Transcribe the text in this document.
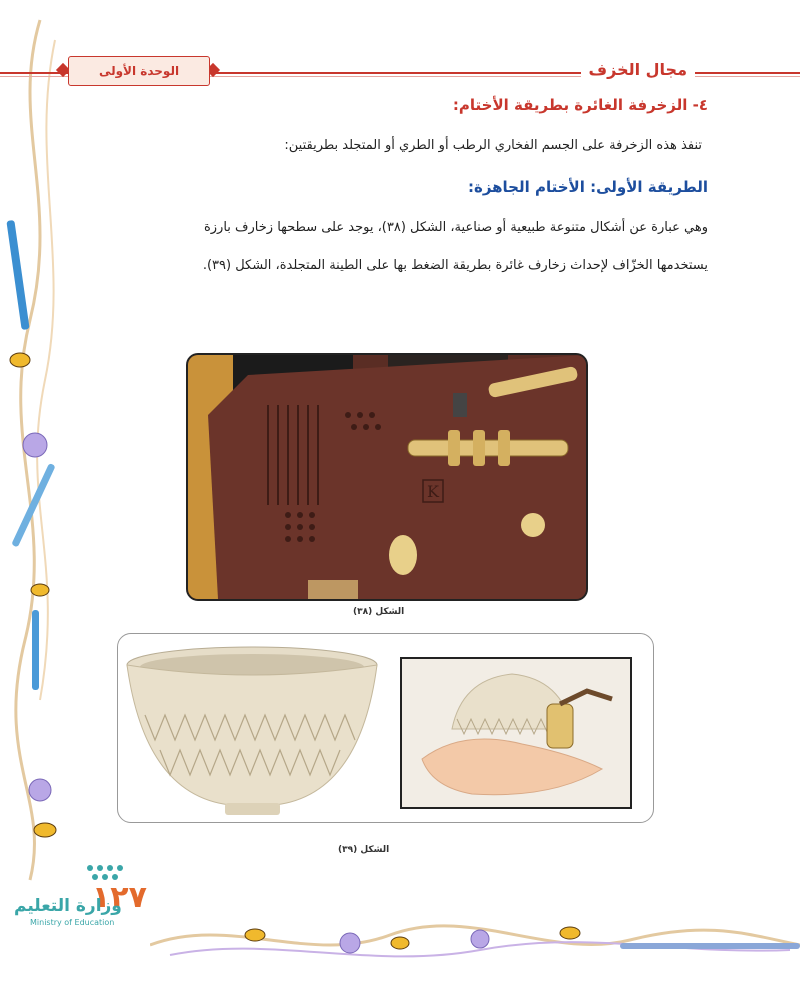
مجال الخزف
الوحدة الأولى
٤- الزخرفة الغائرة بطريقة الأختام:
تنفذ هذه الزخرفة على الجسم الفخاري الرطب أو الطري أو المتجلد بطريقتين:
الطريقة الأولى: الأختام الجاهزة:
وهي عبارة عن أشكال متنوعة طبيعية أو صناعية، الشكل (٣٨)، يوجد على سطحها زخارف بارزة
يستخدمها الخزّاف لإحداث زخارف غائرة بطريقة الضغط بها على الطينة المتجلدة، الشكل (٣٩).
K
الشكل (٣٨)
الشكل (٣٩)
١٢٧
وزارة التعليم
Ministry of Education
